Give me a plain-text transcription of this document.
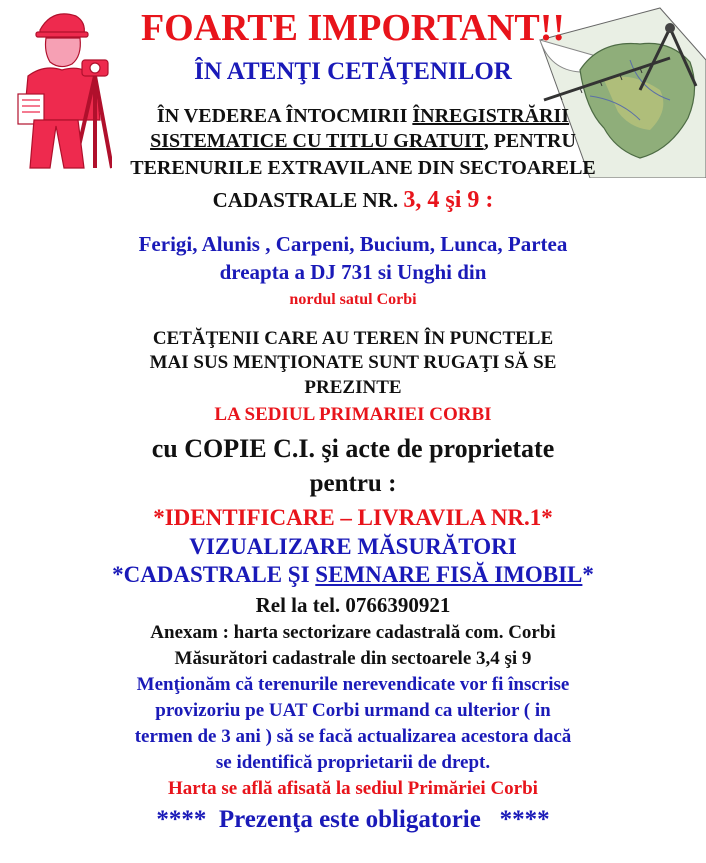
FOARTE IMPORTANT!!
ÎN ATENŢI CETĂŢENILOR
ÎN VEDEREA ÎNTOCMIRII ÎNREGISTRĂRII
SISTEMATICE CU TITLU GRATUIT, PENTRU
TERENURILE EXTRAVILANE DIN SECTOARELE
CADASTRALE NR. 3, 4 şi 9 :
Ferigi, Alunis , Carpeni, Bucium, Lunca, Partea
dreapta a DJ 731 si Unghi din
nordul satul Corbi
CETĂŢENII CARE AU TEREN ÎN PUNCTELE
MAI SUS MENŢIONATE SUNT RUGAŢI SĂ SE
PREZINTE
LA SEDIUL PRIMARIEI CORBI
cu COPIE C.I. şi acte de proprietate
pentru :
*IDENTIFICARE – LIVRAVILA NR.1*
VIZUALIZARE MĂSURĂTORI
*CADASTRALE ŞI SEMNARE FISĂ IMOBIL*
Rel la tel. 0766390921
Anexam : harta sectorizare cadastrală com. Corbi
Măsurători cadastrale din sectoarele 3,4 şi 9
Menţionăm că terenurile nerevendicate vor fi înscrise
provizoriu pe UAT Corbi urmand ca ulterior ( in
termen de 3 ani ) să se facă actualizarea acestora dacă
se identifică proprietarii de drept.
Harta se află afisată la sediul Primăriei Corbi
****  Prezenţa este obligatorie   ****
